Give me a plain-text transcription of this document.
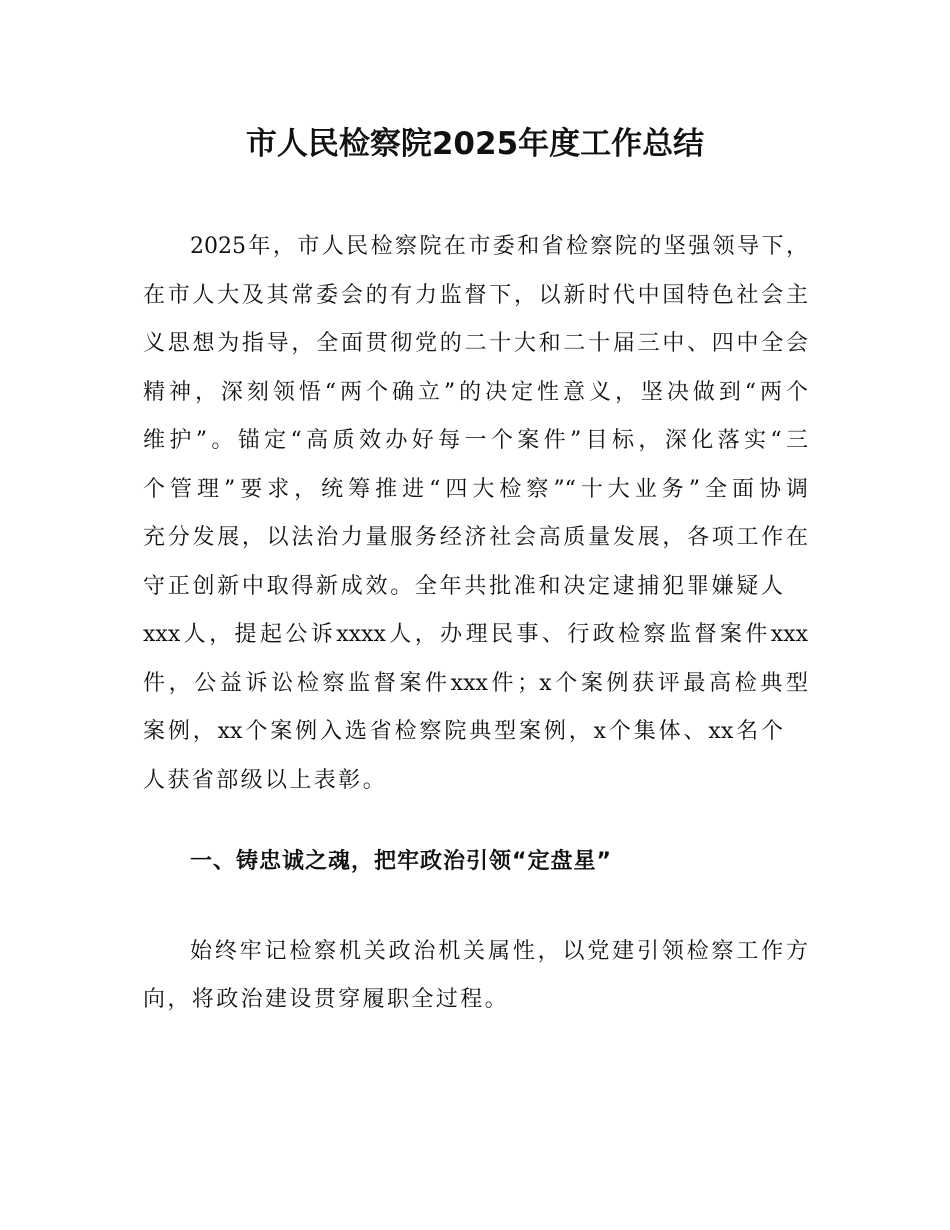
市人民检察院2025年度工作总结
2025年，市人民检察院在市委和省检察院的坚强领导下，
在市人大及其常委会的有力监督下，以新时代中国特色社会主
义思想为指导，全面贯彻党的二十大和二十届三中、四中全会
精神，深刻领悟“两个确立”的决定性意义，坚决做到“两个
维护”。锚定“高质效办好每一个案件”目标，深化落实“三
个管理”要求，统筹推进“四大检察”“十大业务”全面协调
充分发展，以法治力量服务经济社会高质量发展，各项工作在
守正创新中取得新成效。全年共批准和决定逮捕犯罪嫌疑人
xxx人，提起公诉xxxx人，办理民事、行政检察监督案件xxx
件，公益诉讼检察监督案件xxx件；x个案例获评最高检典型
案例，xx个案例入选省检察院典型案例，x个集体、xx名个
人获省部级以上表彰。
一、铸忠诚之魂，把牢政治引领“定盘星”
始终牢记检察机关政治机关属性，以党建引领检察工作方
向，将政治建设贯穿履职全过程。
